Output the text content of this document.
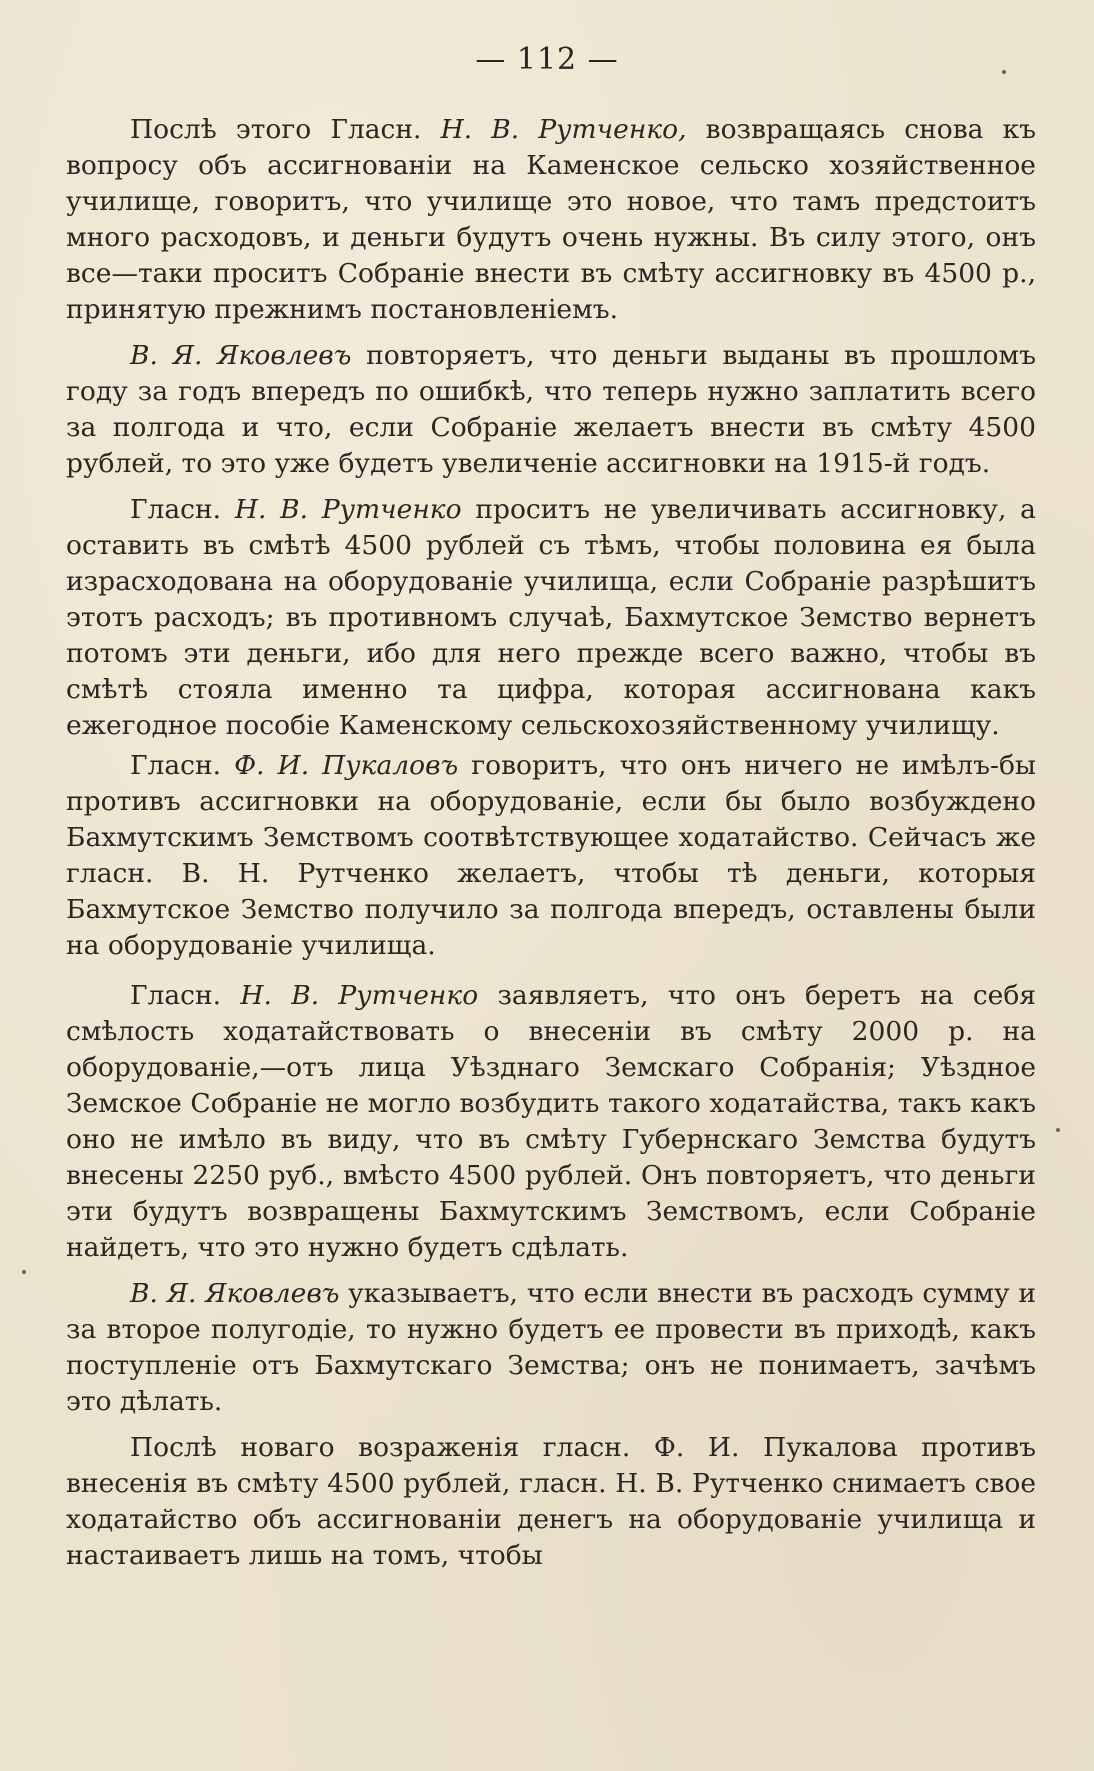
— 112 —

Послѣ этого Гласн. Н. В. Рутченко, возвращаясь снова къ вопросу объ ассигнованіи на Каменское сельско хозяйственное училище, говоритъ, что училище это новое, что тамъ предстоитъ много расходовъ, и деньги будутъ очень нужны. Въ силу этого, онъ все—таки проситъ Собраніе внести въ смѣту ассигновку въ 4500 р., принятую прежнимъ постановленіемъ.

В. Я. Яковлевъ повторяетъ, что деньги выданы въ прошломъ году за годъ впередъ по ошибкѣ, что теперь нужно заплатить всего за полгода и что, если Собраніе желаетъ внести въ смѣту 4500 рублей, то это уже будетъ увеличеніе ассигновки на 1915-й годъ.

Гласн. Н. В. Рутченко проситъ не увеличивать ассигновку, а оставить въ смѣтѣ 4500 рублей съ тѣмъ, чтобы половина ея была израсходована на оборудованіе училища, если Собраніе разрѣшитъ этотъ расходъ; въ противномъ случаѣ, Бахмутское Земство вернетъ потомъ эти деньги, ибо для него прежде всего важно, чтобы въ смѣтѣ стояла именно та цифра, которая ассигнована какъ ежегодное пособіе Каменскому сельскохозяйственному училищу.

Гласн. Ф. И. Пукаловъ говоритъ, что онъ ничего не имѣлъ-бы противъ ассигновки на оборудованіе, если бы было возбуждено Бахмутскимъ Земствомъ соотвѣтствующее ходатайство. Сейчасъ же гласн. В. Н. Рутченко желаетъ, чтобы тѣ деньги, которыя Бахмутское Земство получило за полгода впередъ, оставлены были на оборудованіе училища.

Гласн. Н. В. Рутченко заявляетъ, что онъ беретъ на себя смѣлость ходатайствовать о внесеніи въ смѣту 2000 р. на оборудованіе,—отъ лица Уѣзднаго Земскаго Собранія; Уѣздное Земское Собраніе не могло возбудить такого ходатайства, такъ какъ оно не имѣло въ виду, что въ смѣту Губернскаго Земства будутъ внесены 2250 руб., вмѣсто 4500 рублей. Онъ повторяетъ, что деньги эти будутъ возвращены Бахмутскимъ Земствомъ, если Собраніе найдетъ, что это нужно будетъ сдѣлать.

В. Я. Яковлевъ указываетъ, что если внести въ расходъ сумму и за второе полугодіе, то нужно будетъ ее провести въ приходѣ, какъ поступленіе отъ Бахмутскаго Земства; онъ не понимаетъ, зачѣмъ это дѣлать.

Послѣ новаго возраженія гласн. Ф. И. Пукалова противъ внесенія въ смѣту 4500 рублей, гласн. Н. В. Рутченко снимаетъ свое ходатайство объ ассигнованіи денегъ на оборудованіе училища и настаиваетъ лишь на томъ, чтобы
